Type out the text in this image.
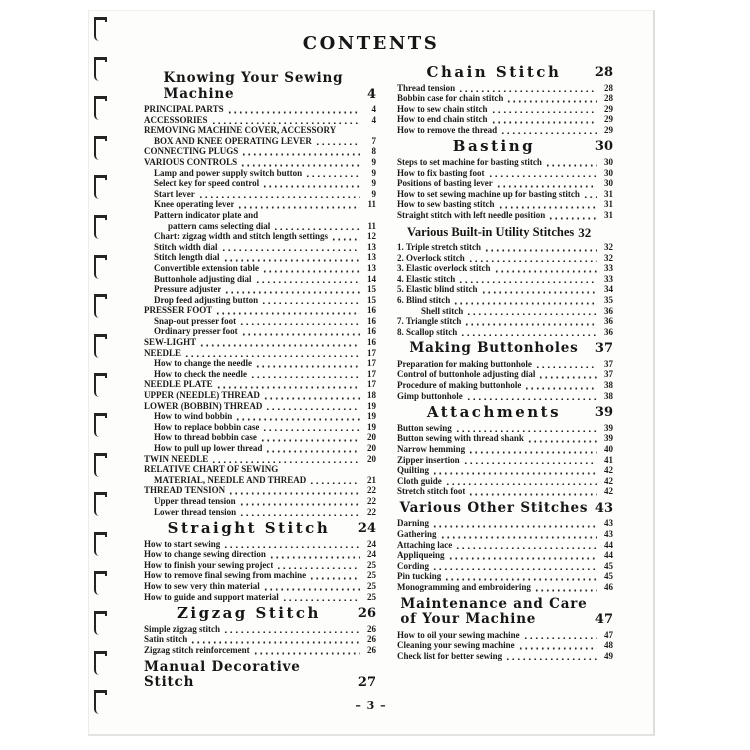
CONTENTS
Knowing Your Sewing
Machine	4
PRINCIPAL PARTS	4
ACCESSORIES	4
REMOVING MACHINE COVER, ACCESSORY
BOX AND KNEE OPERATING LEVER	7
CONNECTING PLUGS	8
VARIOUS CONTROLS	9
Lamp and power supply switch button	9
Select key for speed control	9
Start lever	9
Knee operating lever	11
Pattern indicator plate and
pattern cams selecting dial	11
Chart: zigzag width and stitch length settings	12
Stitch width dial	13
Stitch length dial	13
Convertible extension table	13
Buttonhole adjusting dial	14
Pressure adjuster	15
Drop feed adjusting button	15
PRESSER FOOT	16
Snap-out presser foot	16
Ordinary presser foot	16
SEW-LIGHT	16
NEEDLE	17
How to change the needle	17
How to check the needle	17
NEEDLE PLATE	17
UPPER (NEEDLE) THREAD	18
LOWER (BOBBIN) THREAD	19
How to wind bobbin	19
How to replace bobbin case	19
How to thread bobbin case	20
How to pull up lower thread	20
TWIN NEEDLE	20
RELATIVE CHART OF SEWING
MATERIAL, NEEDLE AND THREAD	21
THREAD TENSION	22
Upper thread tension	22
Lower thread tension	22
Straight Stitch	24
How to start sewing	24
How to change sewing direction	24
How to finish your sewing project	25
How to remove final sewing from machine	25
How to sew very thin material	25
How to guide and support material	25
Zigzag Stitch	26
Simple zigzag stitch	26
Satin stitch	26
Zigzag stitch reinforcement	26
Manual Decorative Stitch	27
Chain Stitch	28
Thread tension	28
Bobbin case for chain stitch	28
How to sew chain stitch	29
How to end chain stitch	29
How to remove the thread	29
Basting	30
Steps to set machine for basting stitch	30
How to fix basting foot	30
Positions of basting lever	30
How to set sewing machine up for basting stitch	31
How to sew basting stitch	31
Straight stitch with left needle position	31
Various Built-in Utility Stitches 32
1. Triple stretch stitch	32
2. Overlock stitch	32
3. Elastic overlock stitch	33
4. Elastic stitch	33
5. Elastic blind stitch	34
6. Blind stitch	35
Shell stitch	36
7. Triangle stitch	36
8. Scallop stitch	36
Making Buttonholes	37
Preparation for making buttonhole	37
Control of buttonhole adjusting dial	37
Procedure of making buttonhole	38
Gimp buttonhole	38
Attachments	39
Button sewing	39
Button sewing with thread shank	39
Narrow hemming	40
Zipper insertion	41
Quilting	42
Cloth guide	42
Stretch stitch foot	42
Various Other Stitches 43
Darning	43
Gathering	43
Attaching lace	44
Appliqueing	44
Cording	45
Pin tucking	45
Monogramming and embroidering	46
Maintenance and Care
of Your Machine	47
How to oil your sewing machine	47
Cleaning your sewing machine	48
Check list for better sewing	49
– 3 –
